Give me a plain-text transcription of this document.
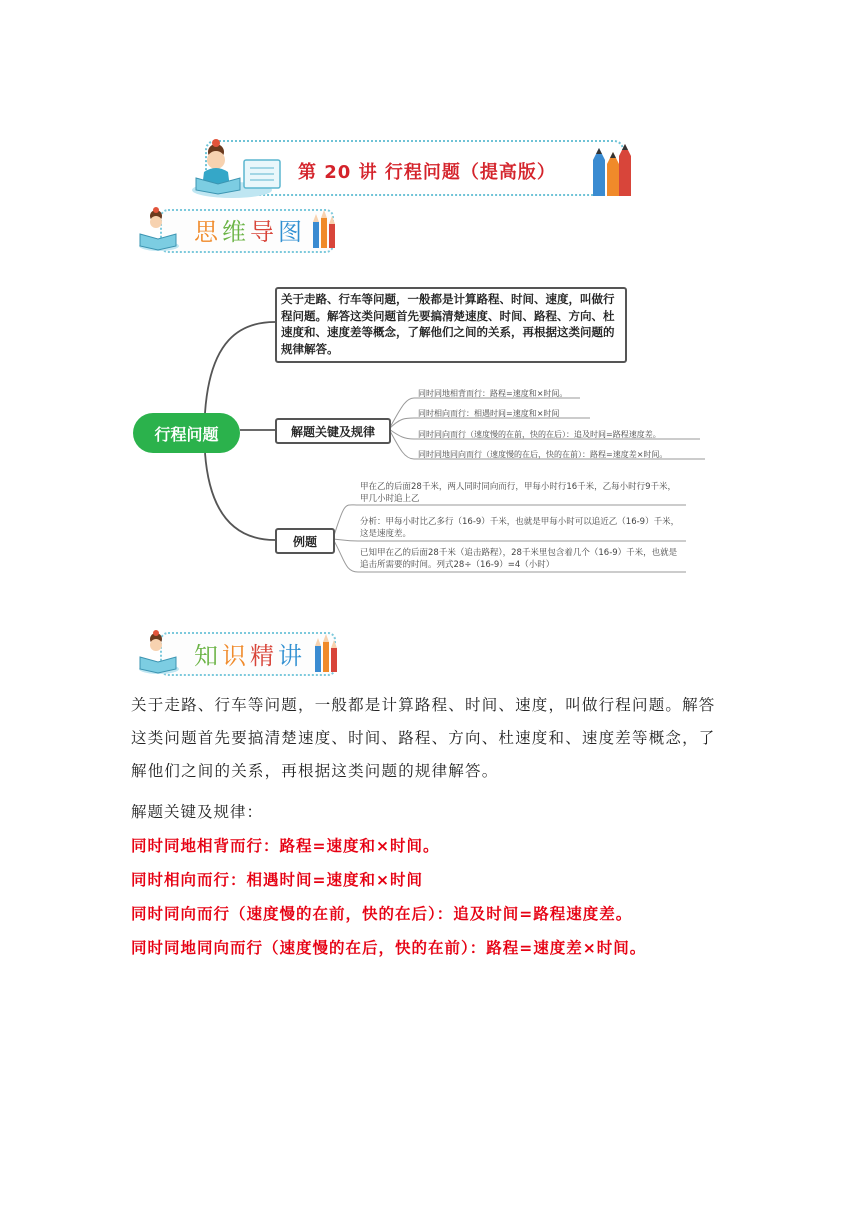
第 20 讲 行程问题（提高版）
思维导图
行程问题
关于走路、行车等问题，一般都是计算路程、时间、速度，叫做行程问题。解答这类问题首先要搞清楚速度、时间、路程、方向、杜速度和、速度差等概念，了解他们之间的关系，再根据这类问题的规律解答。
解题关键及规律
例题
同时同地相背而行：路程=速度和×时间。
同时相向而行：相遇时间=速度和×时间
同时同向而行（速度慢的在前，快的在后）：追及时间=路程速度差。
同时同地同向而行（速度慢的在后，快的在前）：路程=速度差×时间。
甲在乙的后面28千米，两人同时同向而行，甲每小时行16千米，乙每小时行9千米，甲几小时追上乙
分析：甲每小时比乙多行（16-9）千米，也就是甲每小时可以追近乙（16-9）千米，这是速度差。
已知甲在乙的后面28千米（追击路程），28千米里包含着几个（16-9）千米，也就是追击所需要的时间。列式28÷（16-9）=4（小时）
知识精讲
关于走路、行车等问题，一般都是计算路程、时间、速度，叫做行程问题。解答这类问题首先要搞清楚速度、时间、路程、方向、杜速度和、速度差等概念，了解他们之间的关系，再根据这类问题的规律解答。
解题关键及规律：
同时同地相背而行：路程=速度和×时间。
同时相向而行：相遇时间=速度和×时间
同时同向而行（速度慢的在前，快的在后）：追及时间=路程速度差。
同时同地同向而行（速度慢的在后，快的在前）：路程=速度差×时间。
